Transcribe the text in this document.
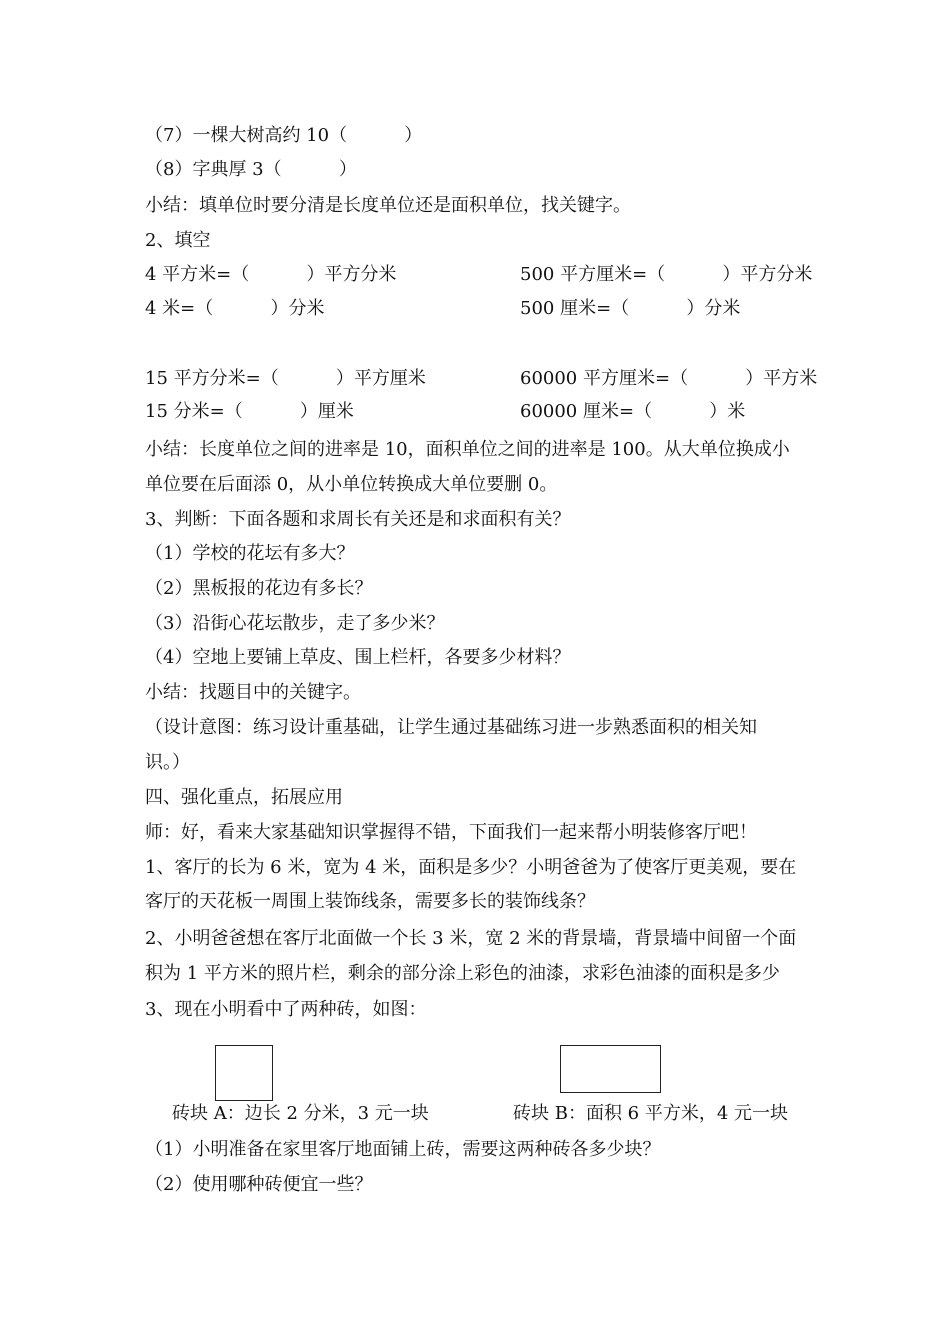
（7）一棵大树高约 10（          ）
（8）字典厚 3（          ）
小结：填单位时要分清是长度单位还是面积单位，找关键字。
2、填空
4 平方米=（          ）平方分米	500 平方厘米=（          ）平方分米
4 米=（          ）分米	500 厘米=（          ）分米
15 平方分米=（          ）平方厘米	60000 平方厘米=（          ）平方米
15 分米=（          ）厘米	60000 厘米=（          ）米
小结：长度单位之间的进率是 10，面积单位之间的进率是 100。从大单位换成小
单位要在后面添 0，从小单位转换成大单位要删 0。
3、判断：下面各题和求周长有关还是和求面积有关？
（1）学校的花坛有多大？
（2）黑板报的花边有多长？
（3）沿街心花坛散步，走了多少米？
（4）空地上要铺上草皮、围上栏杆，各要多少材料？
小结：找题目中的关键字。
（设计意图：练习设计重基础，让学生通过基础练习进一步熟悉面积的相关知
识。）
四、强化重点，拓展应用
师：好，看来大家基础知识掌握得不错，下面我们一起来帮小明装修客厅吧！
1、客厅的长为 6 米，宽为 4 米，面积是多少？小明爸爸为了使客厅更美观，要在
客厅的天花板一周围上装饰线条，需要多长的装饰线条？
2、小明爸爸想在客厅北面做一个长 3 米，宽 2 米的背景墙，背景墙中间留一个面
积为 1 平方米的照片栏，剩余的部分涂上彩色的油漆，求彩色油漆的面积是多少
3、现在小明看中了两种砖，如图：
砖块 A：边长 2 分米，3 元一块	砖块 B：面积 6 平方米，4 元一块
（1）小明准备在家里客厅地面铺上砖，需要这两种砖各多少块？
（2）使用哪种砖便宜一些？
